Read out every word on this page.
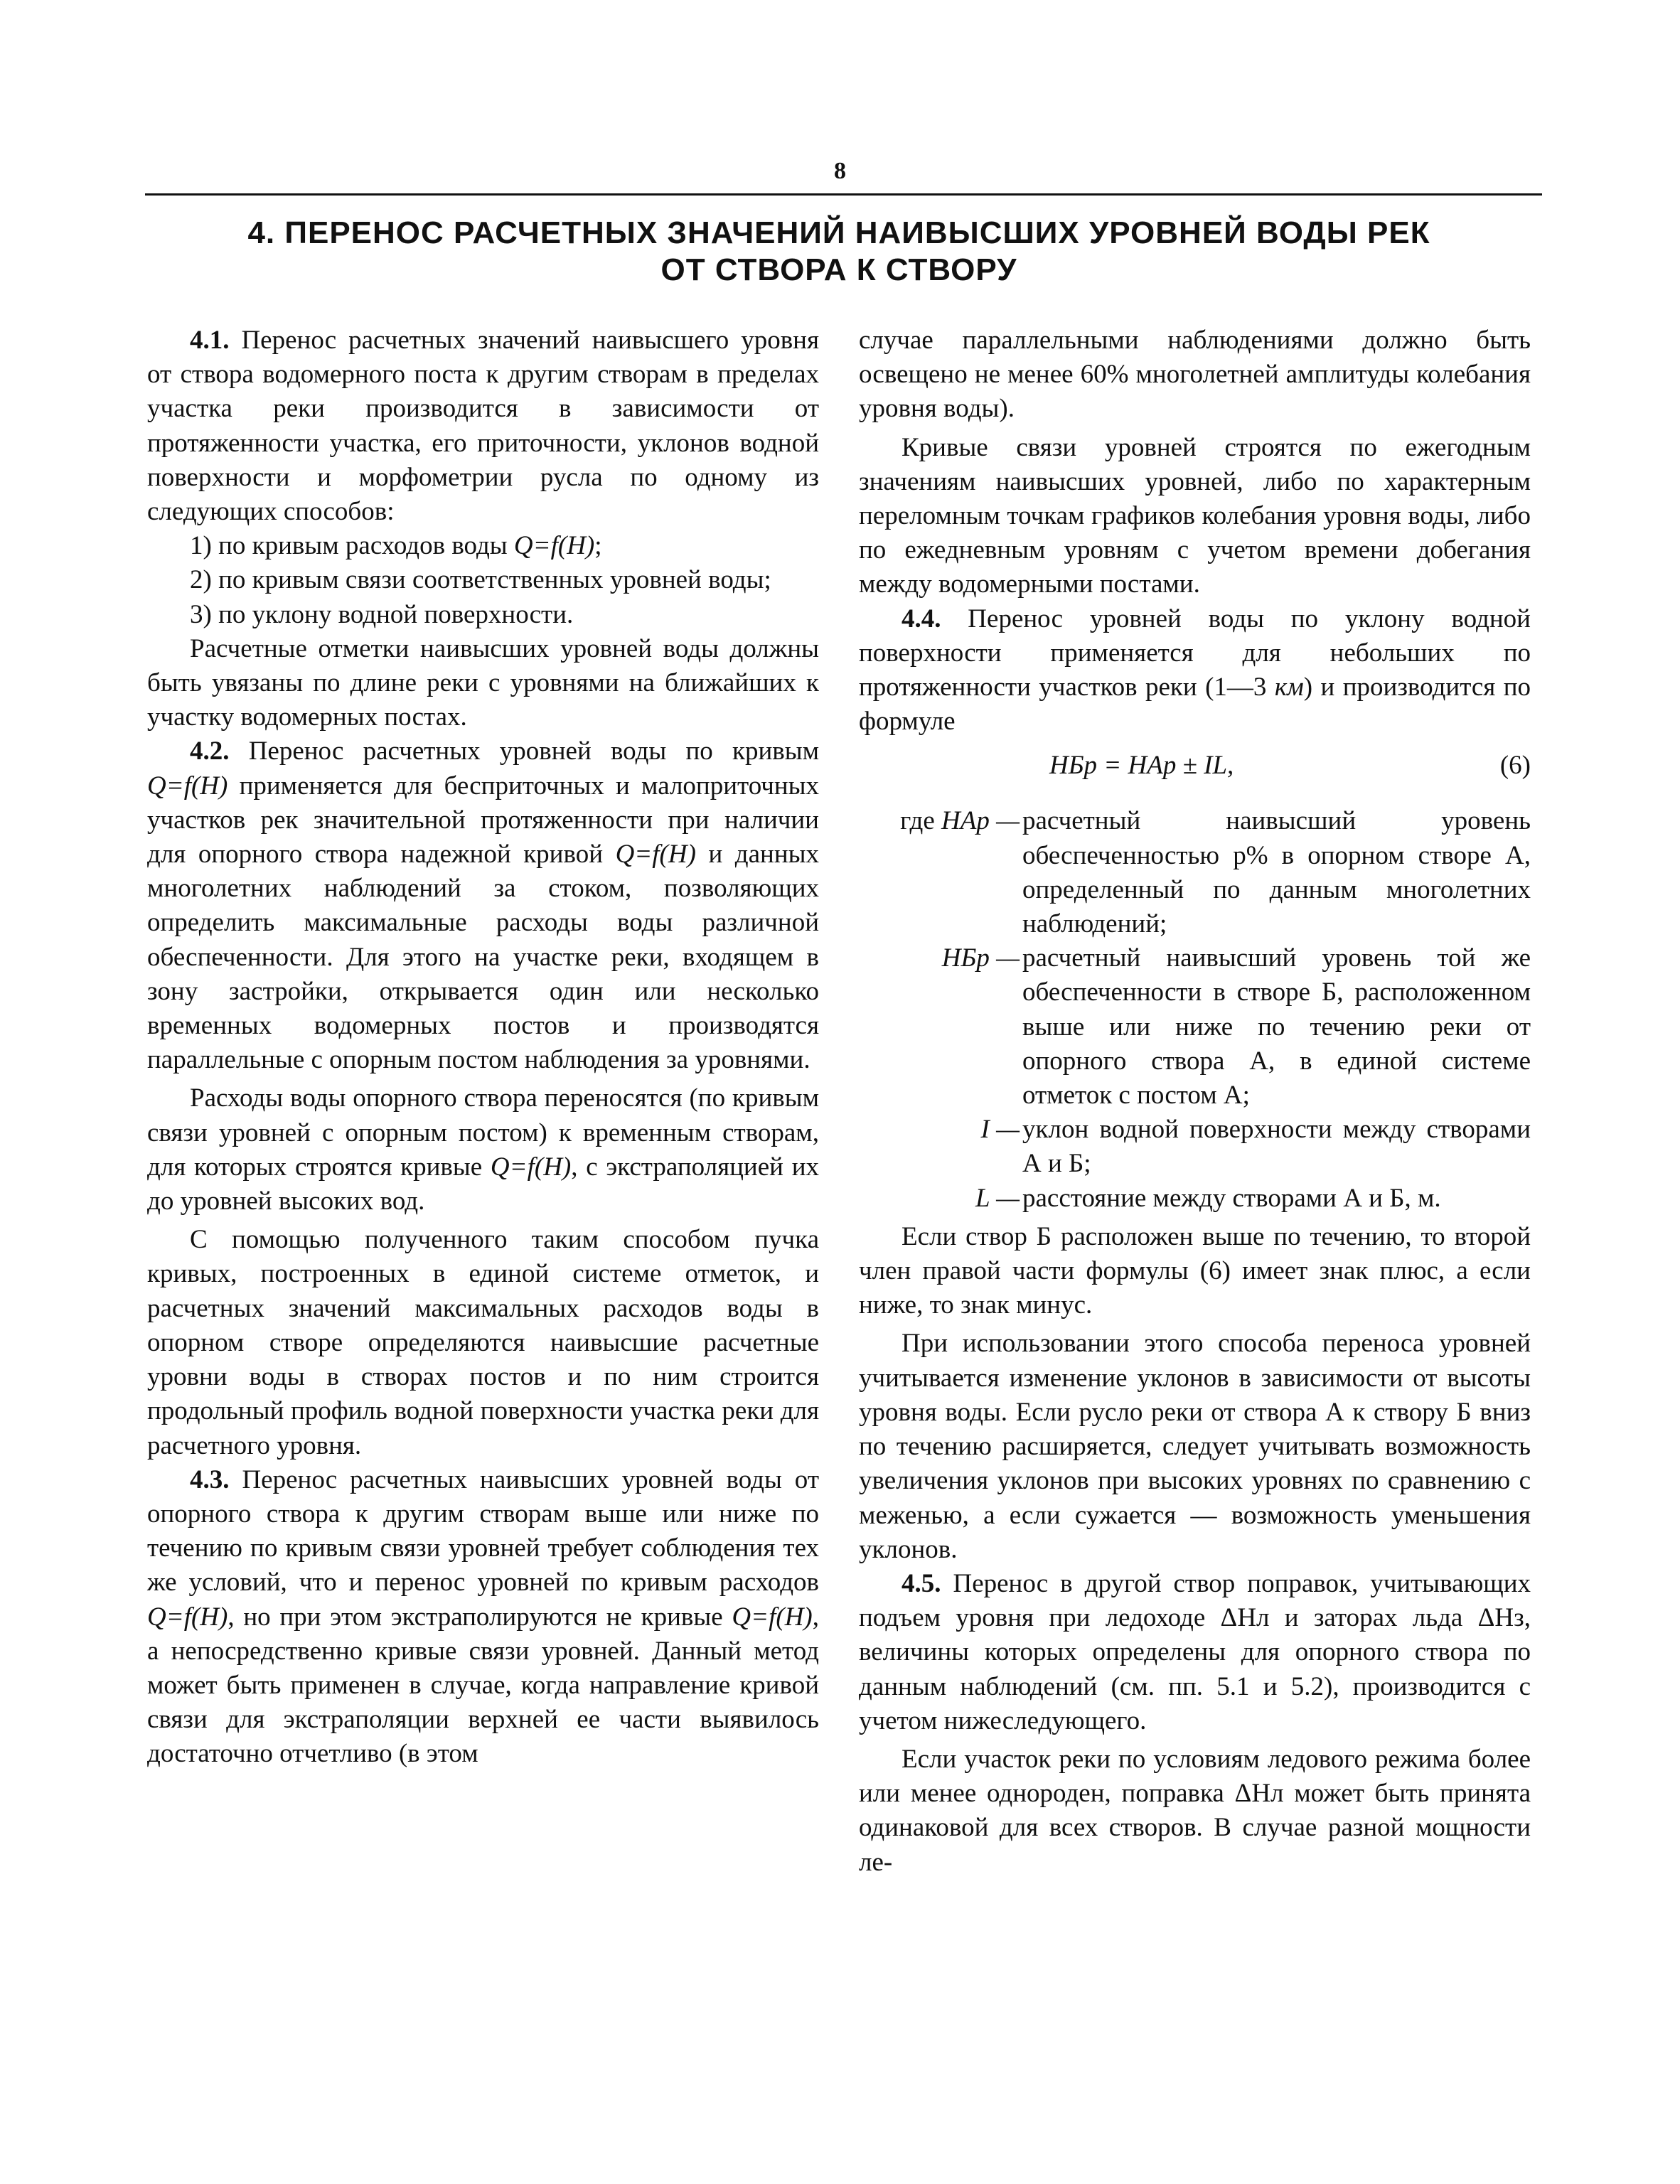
8
4. ПЕРЕНОС РАСЧЕТНЫХ ЗНАЧЕНИЙ НАИВЫСШИХ УРОВНЕЙ ВОДЫ РЕК
ОТ СТВОРА К СТВОРУ

4.1. Перенос расчетных значений наивысшего уровня от створа водомерного поста к другим створам в пределах участка реки производится в зависимости от протяженности участка, его приточности, уклонов водной поверхности и морфометрии русла по одному из следующих способов:

1) по кривым расходов воды Q=f(H);

2) по кривым связи соответственных уровней воды;

3) по уклону водной поверхности.

Расчетные отметки наивысших уровней воды должны быть увязаны по длине реки с уровнями на ближайших к участку водомерных постах.

4.2. Перенос расчетных уровней воды по кривым Q=f(H) применяется для бесприточных и малоприточных участков рек значительной протяженности при наличии для опорного створа надежной кривой Q=f(H) и данных многолетних наблюдений за стоком, позволяющих определить максимальные расходы воды различной обеспеченности. Для этого на участке реки, входящем в зону застройки, открывается один или несколько временных водомерных постов и производятся параллельные с опорным постом наблюдения за уровнями.

Расходы воды опорного створа переносятся (по кривым связи уровней с опорным постом) к временным створам, для которых строятся кривые Q=f(H), с экстраполяцией их до уровней высоких вод.

С помощью полученного таким способом пучка кривых, построенных в единой системе отметок, и расчетных значений максимальных расходов воды в опорном створе определяются наивысшие расчетные уровни воды в створах постов и по ним строится продольный профиль водной поверхности участка реки для расчетного уровня.

4.3. Перенос расчетных наивысших уровней воды от опорного створа к другим створам выше или ниже по течению по кривым связи уровней требует соблюдения тех же условий, что и перенос уровней по кривым расходов Q=f(H), но при этом экстраполируются не кривые Q=f(H), а непосредственно кривые связи уровней. Данный метод может быть применен в случае, когда направление кривой связи для экстраполяции верхней ее части выявилось достаточно отчетливо (в этом

случае параллельными наблюдениями должно быть освещено не менее 60% многолетней амплитуды колебания уровня воды).

Кривые связи уровней строятся по ежегодным значениям наивысших уровней, либо по характерным переломным точкам графиков колебания уровня воды, либо по ежедневным уровням с учетом времени добегания между водомерными постами.

4.4. Перенос уровней воды по уклону водной поверхности применяется для небольших по протяженности участков реки (1—3 км) и производится по формуле

HБр = HАр ± IL,	(6)
где HАр — расчетный наивысший уровень обеспеченностью p% в опорном створе А, определенный по данным многолетних наблюдений;
HБр — расчетный наивысший уровень той же обеспеченности в створе Б, расположенном выше или ниже по течению реки от опорного створа А, в единой системе отметок с постом А;
I — уклон водной поверхности между створами А и Б;
L — расстояние между створами А и Б, м.

Если створ Б расположен выше по течению, то второй член правой части формулы (6) имеет знак плюс, а если ниже, то знак минус.

При использовании этого способа переноса уровней учитывается изменение уклонов в зависимости от высоты уровня воды. Если русло реки от створа А к створу Б вниз по течению расширяется, следует учитывать возможность увеличения уклонов при высоких уровнях по сравнению с меженью, а если сужается — возможность уменьшения уклонов.

4.5. Перенос в другой створ поправок, учитывающих подъем уровня при ледоходе ΔHл и заторах льда ΔHз, величины которых определены для опорного створа по данным наблюдений (см. пп. 5.1 и 5.2), производится с учетом нижеследующего.

Если участок реки по условиям ледового режима более или менее однороден, поправка ΔHл может быть принята одинаковой для всех створов. В случае разной мощности ле-
